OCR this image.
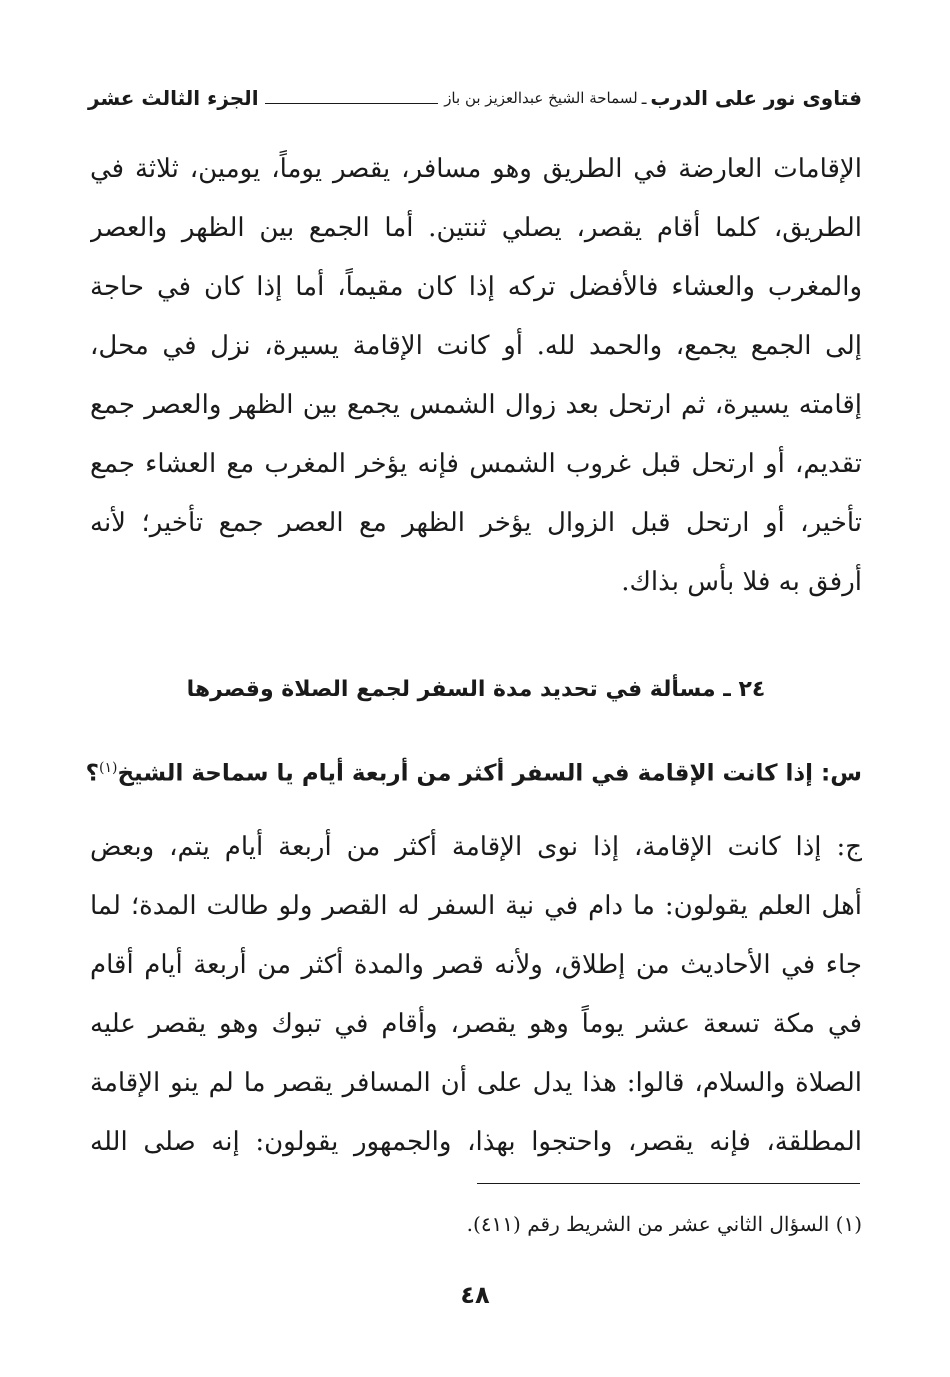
فتاوى نور على الدرب
ـ
لسماحة الشيخ عبدالعزيز بن باز
الجزء الثالث عشر
الإقامات العارضة في الطريق وهو مسافر، يقصر يوماً، يومين، ثلاثة في
الطريق، كلما أقام يقصر، يصلي ثنتين. أما الجمع بين الظهر والعصر
والمغرب والعشاء فالأفضل تركه إذا كان مقيماً، أما إذا كان في حاجة
إلى الجمع يجمع، والحمد لله. أو كانت الإقامة يسيرة، نزل في محل،
إقامته يسيرة، ثم ارتحل بعد زوال الشمس يجمع بين الظهر والعصر جمع
تقديم، أو ارتحل قبل غروب الشمس فإنه يؤخر المغرب مع العشاء جمع
تأخير، أو ارتحل قبل الزوال يؤخر الظهر مع العصر جمع تأخير؛ لأنه
أرفق به فلا بأس بذاك.
٢٤ ـ مسألة في تحديد مدة السفر لجمع الصلاة وقصرها
س: إذا كانت الإقامة في السفر أكثر من أربعة أيام يا سماحة الشيخ$^{(١)}$؟
ج: إذا كانت الإقامة، إذا نوى الإقامة أكثر من أربعة أيام يتم، وبعض
أهل العلم يقولون: ما دام في نية السفر له القصر ولو طالت المدة؛ لما
جاء في الأحاديث من إطلاق، ولأنه قصر والمدة أكثر من أربعة أيام أقام
في مكة تسعة عشر يوماً وهو يقصر، وأقام في تبوك وهو يقصر عليه
الصلاة والسلام، قالوا: هذا يدل على أن المسافر يقصر ما لم ينو الإقامة
المطلقة، فإنه يقصر، واحتجوا بهذا، والجمهور يقولون: إنه صلى الله
(١) السؤال الثاني عشر من الشريط رقم (٤١١).
٤٨
